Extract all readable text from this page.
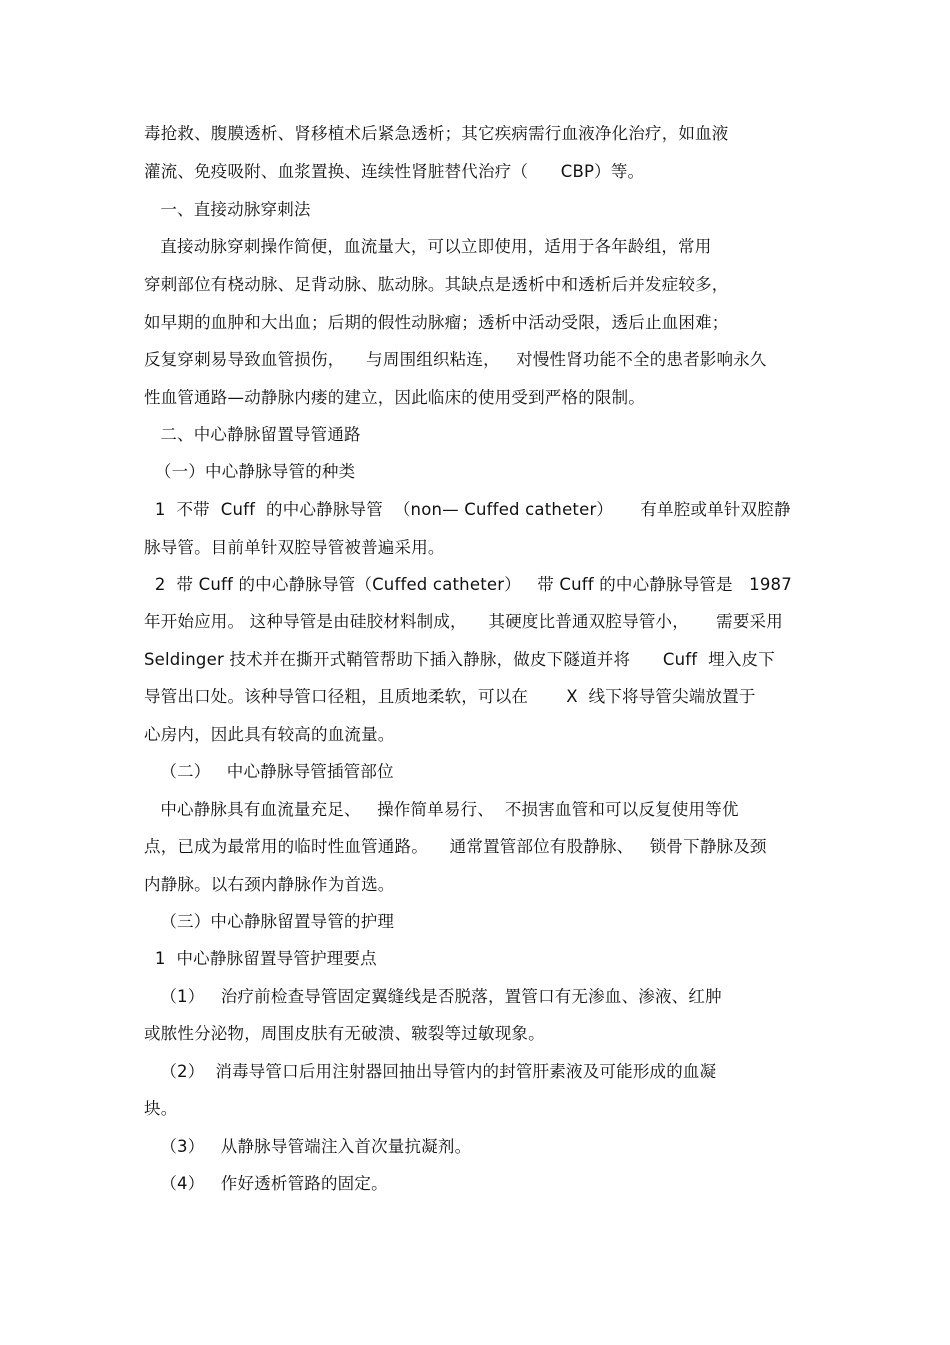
毒抢救、腹膜透析、肾移植术后紧急透析；其它疾病需行血液净化治疗，如血液
灌流、免疫吸附、血浆置换、连续性肾脏替代治疗（      CBP）等。
一、直接动脉穿刺法
直接动脉穿刺操作简便，血流量大，可以立即使用，适用于各年龄组，常用
穿刺部位有桡动脉、足背动脉、肱动脉。其缺点是透析中和透析后并发症较多，
如早期的血肿和大出血；后期的假性动脉瘤；透析中活动受限，透后止血困难；
反复穿刺易导致血管损伤，    与周围组织粘连，   对慢性肾功能不全的患者影响永久
性血管通路—动静脉内瘘的建立，因此临床的使用受到严格的限制。
二、中心静脉留置导管通路
（一）中心静脉导管的种类
1  不带  Cuff  的中心静脉导管  （non— Cuffed catheter）     有单腔或单针双腔静
脉导管。目前单针双腔导管被普遍采用。
2  带 Cuff 的中心静脉导管（Cuffed catheter）   带 Cuff 的中心静脉导管是   1987
年开始应用。 这种导管是由硅胶材料制成，    其硬度比普通双腔导管小，     需要采用
Seldinger 技术并在撕开式鞘管帮助下插入静脉，做皮下隧道并将      Cuff  埋入皮下
导管出口处。该种导管口径粗，且质地柔软，可以在       X  线下将导管尖端放置于
心房内，因此具有较高的血流量。
（二）   中心静脉导管插管部位
中心静脉具有血流量充足、   操作简单易行、  不损害血管和可以反复使用等优
点，已成为最常用的临时性血管通路。    通常置管部位有股静脉、   锁骨下静脉及颈
内静脉。以右颈内静脉作为首选。
（三）中心静脉留置导管的护理
1  中心静脉留置导管护理要点
（1）   治疗前检查导管固定翼缝线是否脱落，置管口有无渗血、渗液、红肿
或脓性分泌物，周围皮肤有无破溃、皲裂等过敏现象。
（2）  消毒导管口后用注射器回抽出导管内的封管肝素液及可能形成的血凝
块。
（3）   从静脉导管端注入首次量抗凝剂。
（4）   作好透析管路的固定。
